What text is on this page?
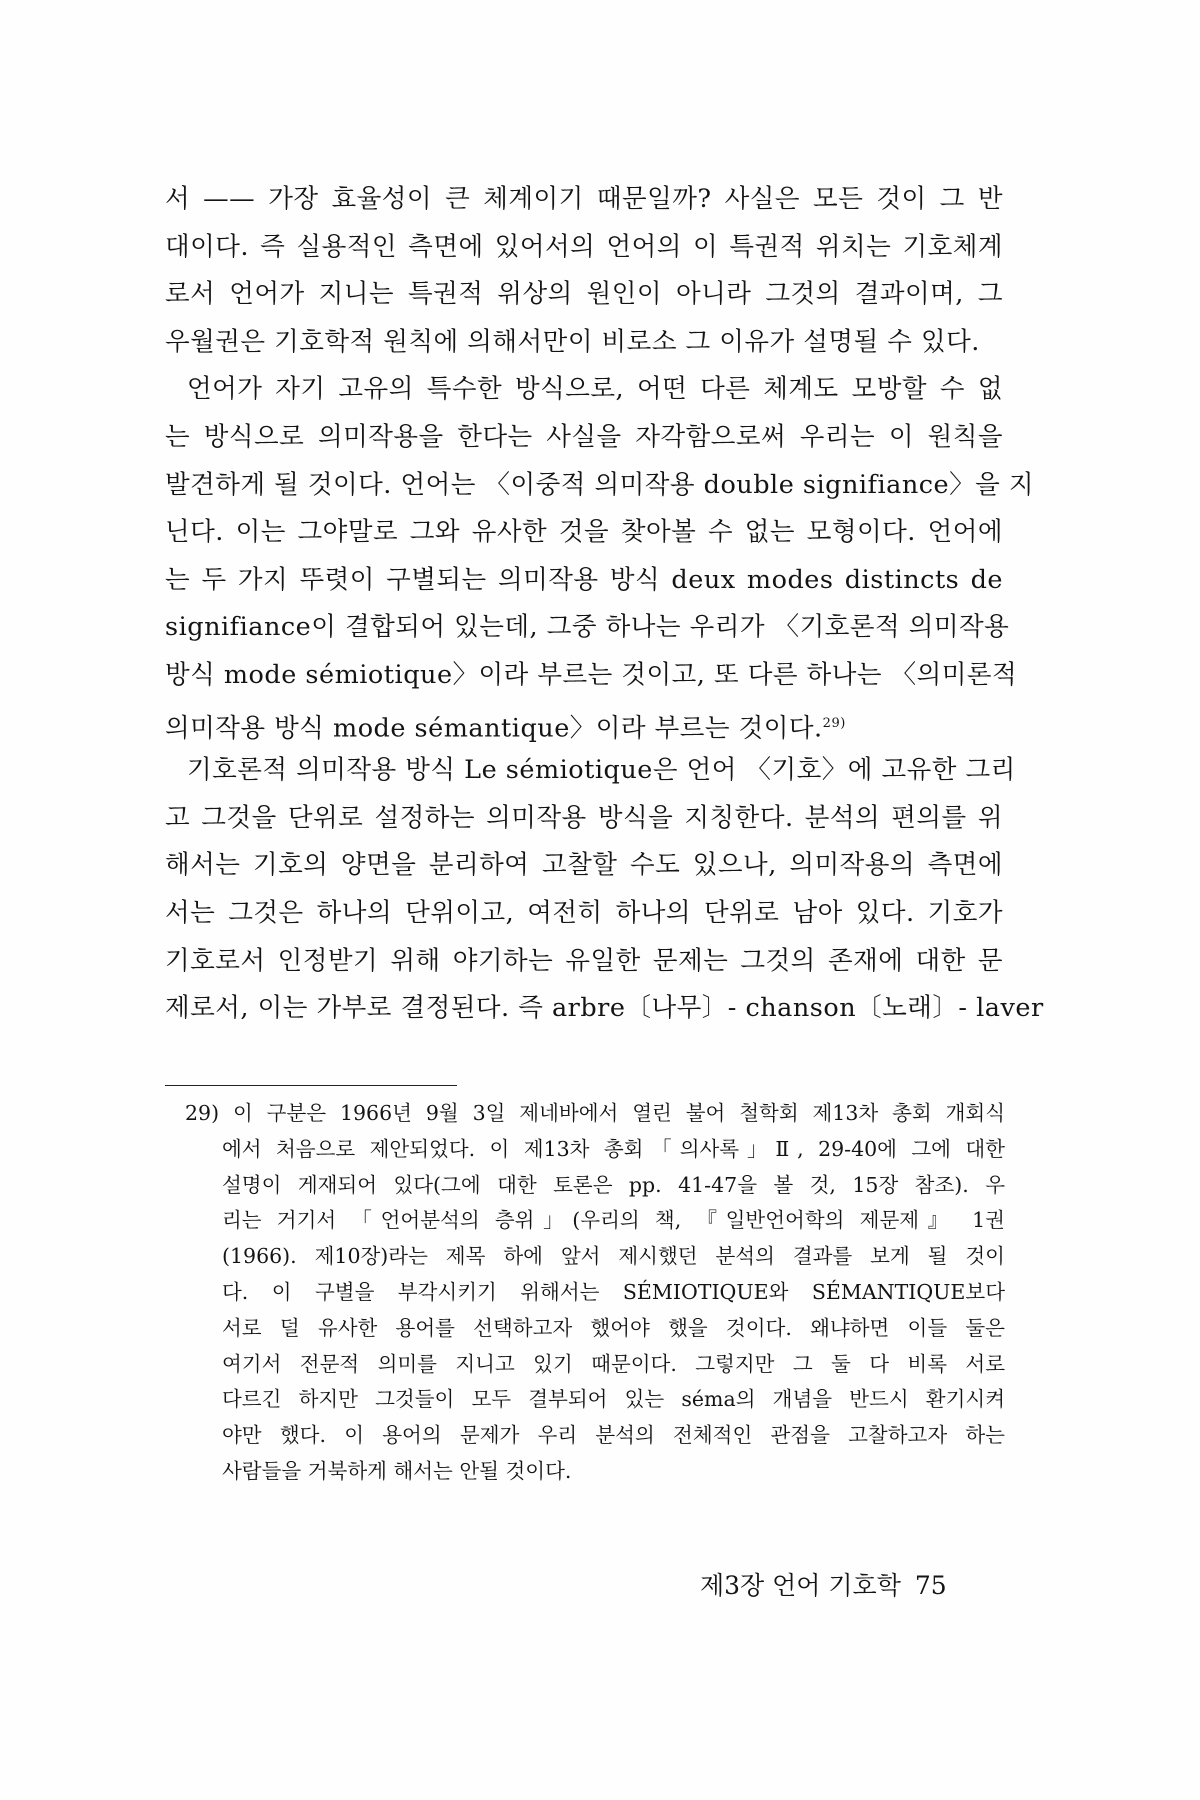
서 —— 가장 효율성이 큰 체계이기 때문일까? 사실은 모든 것이 그 반
대이다. 즉 실용적인 측면에 있어서의 언어의 이 특권적 위치는 기호체계
로서 언어가 지니는 특권적 위상의 원인이 아니라 그것의 결과이며, 그
우월권은 기호학적 원칙에 의해서만이 비로소 그 이유가 설명될 수 있다.
언어가 자기 고유의 특수한 방식으로, 어떤 다른 체계도 모방할 수 없
는 방식으로 의미작용을 한다는 사실을 자각함으로써 우리는 이 원칙을
발견하게 될 것이다. 언어는 〈이중적 의미작용 double signifiance〉을 지
닌다. 이는 그야말로 그와 유사한 것을 찾아볼 수 없는 모형이다. 언어에
는 두 가지 뚜렷이 구별되는 의미작용 방식 deux modes distincts de
signifiance이 결합되어 있는데, 그중 하나는 우리가 〈기호론적 의미작용
방식 mode sémiotique〉이라 부르는 것이고, 또 다른 하나는 〈의미론적
의미작용 방식 mode sémantique〉이라 부르는 것이다.$^{29)}$
기호론적 의미작용 방식 Le sémiotique은 언어 〈기호〉에 고유한 그리
고 그것을 단위로 설정하는 의미작용 방식을 지칭한다. 분석의 편의를 위
해서는 기호의 양면을 분리하여 고찰할 수도 있으나, 의미작용의 측면에
서는 그것은 하나의 단위이고, 여전히 하나의 단위로 남아 있다. 기호가
기호로서 인정받기 위해 야기하는 유일한 문제는 그것의 존재에 대한 문
제로서, 이는 가부로 결정된다. 즉 arbre〔나무〕- chanson〔노래〕- laver
29) 이 구분은 1966년 9월 3일 제네바에서 열린 불어 철학회 제13차 총회 개회식
에서 처음으로 제안되었다. 이 제13차 총회「의사록」Ⅱ, 29-40에 그에 대한
설명이 게재되어 있다(그에 대한 토론은 pp. 41-47을 볼 것, 15장 참조). 우
리는 거기서 「언어분석의 층위」(우리의 책, 『일반언어학의 제문제』 1권
(1966). 제10장)라는 제목 하에 앞서 제시했던 분석의 결과를 보게 될 것이
다. 이 구별을 부각시키기 위해서는 SÉMIOTIQUE와 SÉMANTIQUE보다
서로 덜 유사한 용어를 선택하고자 했어야 했을 것이다. 왜냐하면 이들 둘은
여기서 전문적 의미를 지니고 있기 때문이다. 그렇지만 그 둘 다 비록 서로
다르긴 하지만 그것들이 모두 결부되어 있는 séma의 개념을 반드시 환기시켜
야만 했다. 이 용어의 문제가 우리 분석의 전체적인 관점을 고찰하고자 하는
사람들을 거북하게 해서는 안될 것이다.
제3장 언어 기호학 75
